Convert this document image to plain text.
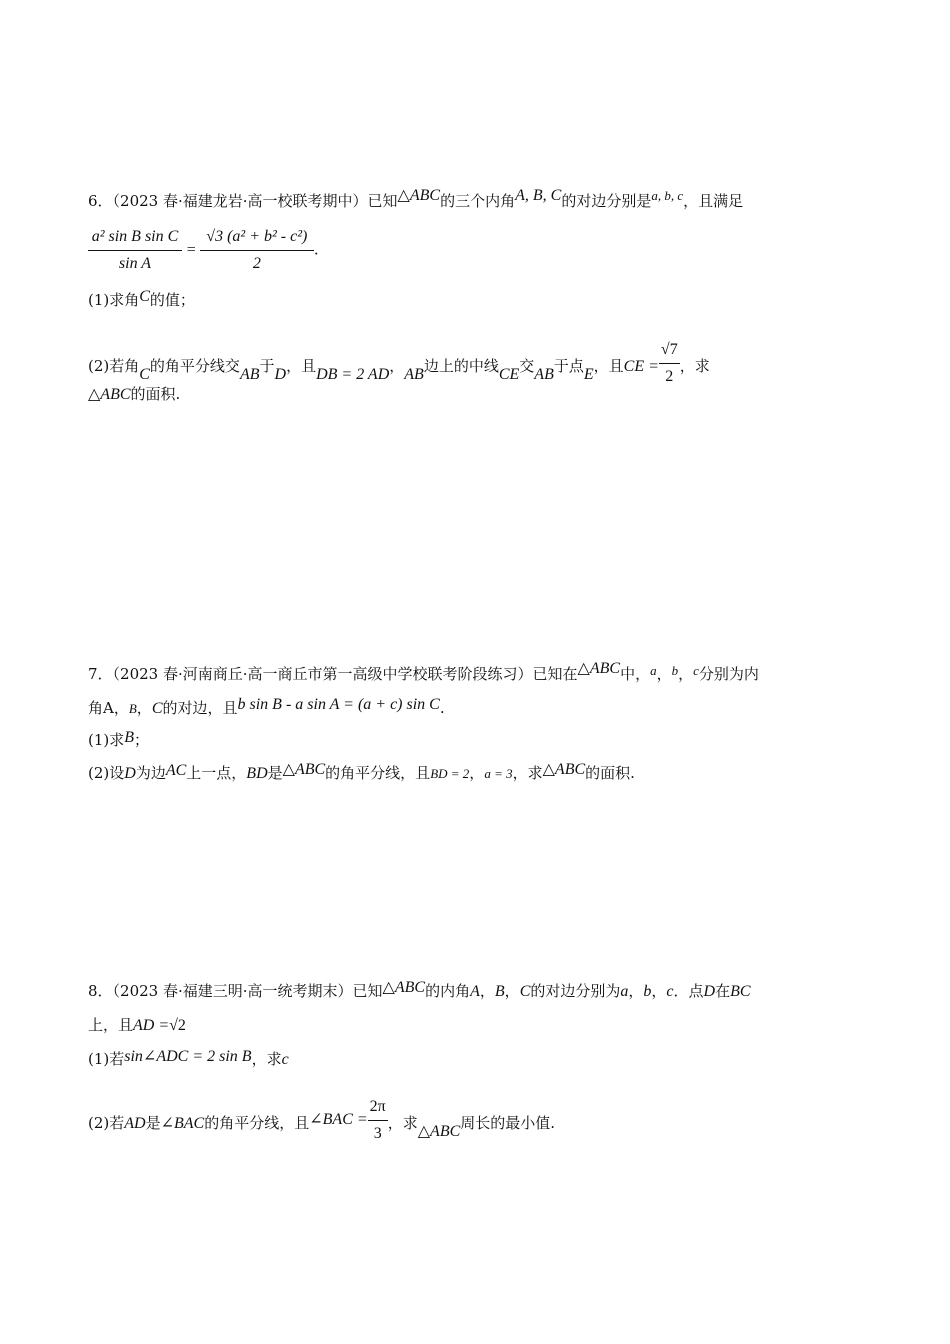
6．（2023 春·福建龙岩·高一校联考期中）已知△ABC的三个内角A, B, C的对边分别是a, b, c，且满足
$\frac{\text{a² sin B sin C}}{\text{sin A}} = \frac{\text{√3 (a² + b² - c²)}}{2}$ .
(1)求角C的值；
(2)若角C的角平分线交AB于D，且DB = 2 AD，AB边上的中线CE交AB于点E，且CE = $\frac{√7}{2}$ ，求
△ABC的面积.
7．（2023 春·河南商丘·高一商丘市第一高级中学校联考阶段练习）已知在△ABC中，a，b，c分别为内
角A，B，C的对边，且b sin B - a sin A = (a + c) sin C.
(1)求B；
(2)设D为边AC上一点，BD是△ABC的角平分线，且BD = 2，a = 3，求△ABC的面积.
8．（2023 春·福建三明·高一统考期末）已知△ABC的内角A，B，C的对边分别为a，b，c．点D在BC
上，且AD =√2
(1)若sin∠ADC = 2 sin B，求c
(2)若AD是∠BAC的角平分线，且∠BAC = $\frac{2\pi}{3}$ ，求△ABC周长的最小值.
